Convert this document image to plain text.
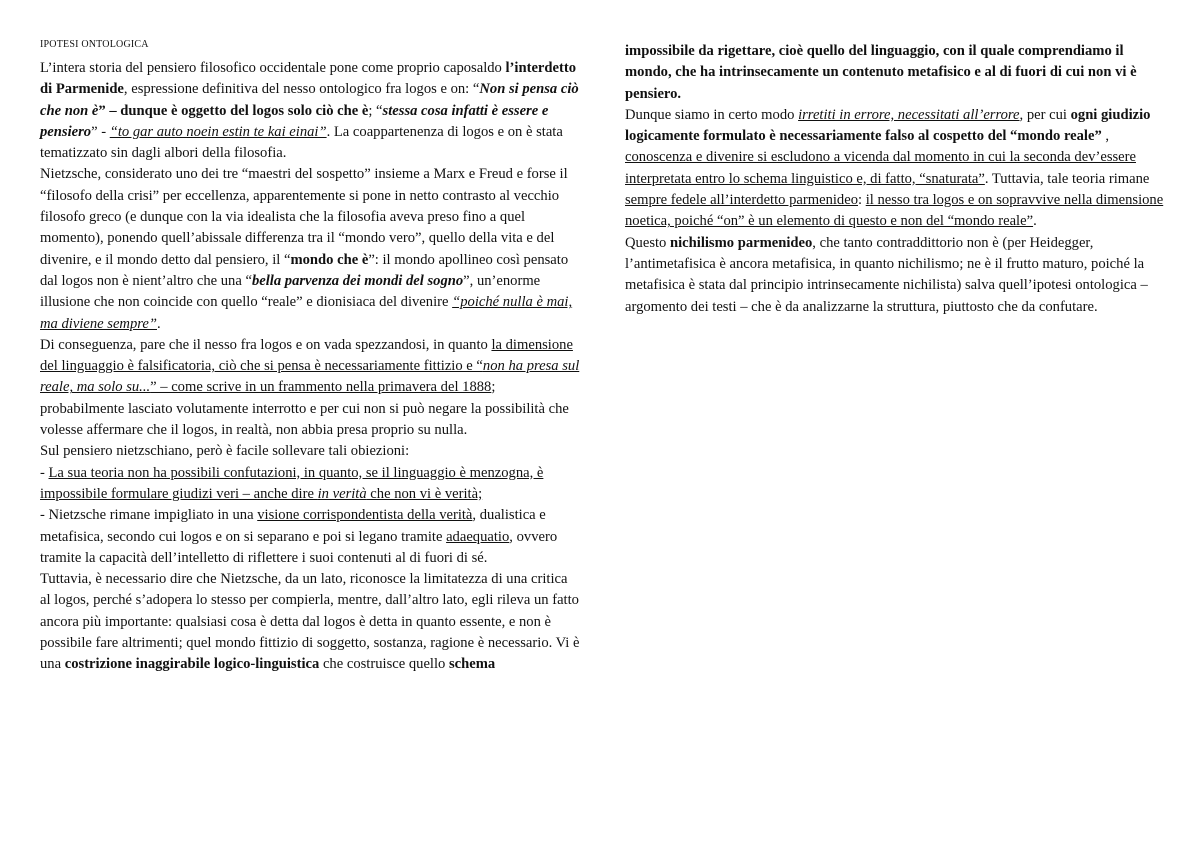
IPOTESI ONTOLOGICA
L’intera storia del pensiero filosofico occidentale pone come proprio caposaldo l’interdetto di Parmenide, espressione definitiva del nesso ontologico fra logos e on: “Non si pensa ciò che non è” – dunque è oggetto del logos solo ciò che è; “stessa cosa infatti è essere e pensiero” - “to gar auto noein estin te kai einai”. La coappartenenza di logos e on è stata tematizzato sin dagli albori della filosofia.
Nietzsche, considerato uno dei tre “maestri del sospetto” insieme a Marx e Freud e forse il “filosofo della crisi” per eccellenza, apparentemente si pone in netto contrasto al vecchio filosofo greco (e dunque con la via idealista che la filosofia aveva preso fino a quel momento), ponendo quell’abissale differenza tra il “mondo vero”, quello della vita e del divenire, e il mondo detto dal pensiero, il “mondo che è”: il mondo apollineo così pensato dal logos non è nient’altro che una “bella parvenza dei mondi del sogno”, un’enorme illusione che non coincide con quello “reale” e dionisiaca del divenire “poiché nulla è mai, ma diviene sempre”.
Di conseguenza, pare che il nesso fra logos e on vada spezzandosi, in quanto la dimensione del linguaggio è falsificatoria, ciò che si pensa è necessariamente fittizio e “non ha presa sul reale, ma solo su...” – come scrive in un frammento nella primavera del 1888; probabilmente lasciato volutamente interrotto e per cui non si può negare la possibilità che volesse affermare che il logos, in realtà, non abbia presa proprio su nulla.
Sul pensiero nietzschiano, però è facile sollevare tali obiezioni:
- La sua teoria non ha possibili confutazioni, in quanto, se il linguaggio è menzogna, è impossibile formulare giudizi veri – anche dire in verità che non vi è verità;
- Nietzsche rimane impigliato in una visione corrispondentista della verità, dualistica e metafisica, secondo cui logos e on si separano e poi si legano tramite adaequatio, ovvero tramite la capacità dell’intelletto di riflettere i suoi contenuti al di fuori di sé.
Tuttavia, è necessario dire che Nietzsche, da un lato, riconosce la limitatezza di una critica al logos, perché s’adopera lo stesso per compierla, mentre, dall’altro lato, egli rileva un fatto ancora più importante: qualsiasi cosa è detta dal logos è detta in quanto essente, e non è possibile fare altrimenti; quel mondo fittizio di soggetto, sostanza, ragione è necessario. Vi è una costrizione inaggirabile logico-linguistica che costruisce quello schema
impossibile da rigettare, cioè quello del linguaggio, con il quale comprendiamo il mondo, che ha intrinsecamente un contenuto metafisico e al di fuori di cui non vi è pensiero.
Dunque siamo in certo modo irretiti in errore, necessitati all’errore, per cui ogni giudizio logicamente formulato è necessariamente falso al cospetto del “mondo reale” , conoscenza e divenire si escludono a vicenda dal momento in cui la seconda dev’essere interpretata entro lo schema linguistico e, di fatto, “snaturata”. Tuttavia, tale teoria rimane sempre fedele all’interdetto parmenideo: il nesso tra logos e on sopravvive nella dimensione noetica, poiché “on” è un elemento di questo e non del “mondo reale”.
Questo nichilismo parmenideo, che tanto contraddittorio non è (per Heidegger, l’antimetafisica è ancora metafisica, in quanto nichilismo; ne è il frutto maturo, poiché la metafisica è stata dal principio intrinsecamente nichilista) salva quell’ipotesi ontologica – argomento dei testi – che è da analizzarne la struttura, piuttosto che da confutare.
